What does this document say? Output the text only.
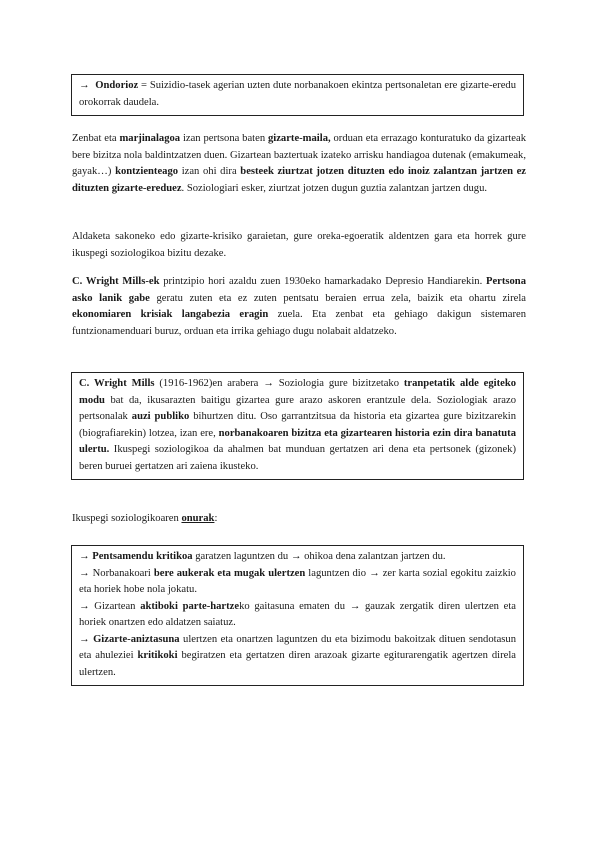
→ Ondorioz = Suizidio-tasek agerian uzten dute norbanakoen ekintza pertsonaletan ere gizarte-eredu orokorrak daudela.

Zenbat eta marjinalagoa izan pertsona baten gizarte-maila, orduan eta errazago konturatuko da gizarteak bere bizitza nola baldintzatzen duen. Gizartean baztertuak izateko arrisku handiagoa dutenak (emakumeak, gayak…) kontzienteago izan ohi dira besteek ziurtzat jotzen dituzten edo inoiz zalantzan jartzen ez dituzten gizarte-ereduez. Soziologiari esker, ziurtzat jotzen dugun guztia zalantzan jartzen dugu.

Aldaketa sakoneko edo gizarte-krisiko garaietan, gure oreka-egoeratik aldentzen gara eta horrek gure ikuspegi soziologikoa bizitu dezake.

C. Wright Mills-ek printzipio hori azaldu zuen 1930eko hamarkadako Depresio Handiarekin. Pertsona asko lanik gabe geratu zuten eta ez zuten pentsatu beraien errua zela, baizik eta ohartu zirela ekonomiaren krisiak langabezia eragin zuela. Eta zenbat eta gehiago dakigun sistemaren funtzionamenduari buruz, orduan eta irrika gehiago dugu nolabait aldatzeko.

C. Wright Mills (1916-1962)en arabera → Soziologia gure bizitzetako tranpetatik alde egiteko modu bat da, ikusarazten baitigu gizartea gure arazo askoren erantzule dela. Soziologiak arazo pertsonalak auzi publiko bihurtzen ditu. Oso garrantzitsua da historia eta gizartea gure bizitzarekin (biografiarekin) lotzea, izan ere, norbanakoaren bizitza eta gizartearen historia ezin dira banatuta ulertu. Ikuspegi soziologikoa da ahalmen bat munduan gertatzen ari dena eta pertsonek (gizonek) beren buruei gertatzen ari zaiena ikusteko.

Ikuspegi soziologikoaren onurak:

→ Pentsamendu kritikoa garatzen laguntzen du → ohikoa dena zalantzan jartzen du.

→ Norbanakoari bere aukerak eta mugak ulertzen laguntzen dio → zer karta sozial egokitu zaizkio eta horiek hobe nola jokatu.

→ Gizartean aktiboki parte-hartzeko gaitasuna ematen du → gauzak zergatik diren ulertzen eta horiek onartzen edo aldatzen saiatuz.

→ Gizarte-aniztasuna ulertzen eta onartzen laguntzen du eta bizimodu bakoitzak dituen sendotasun eta ahuleziei kritikoki begiratzen eta gertatzen diren arazoak gizarte egiturarengatik agertzen direla ulertzen.
